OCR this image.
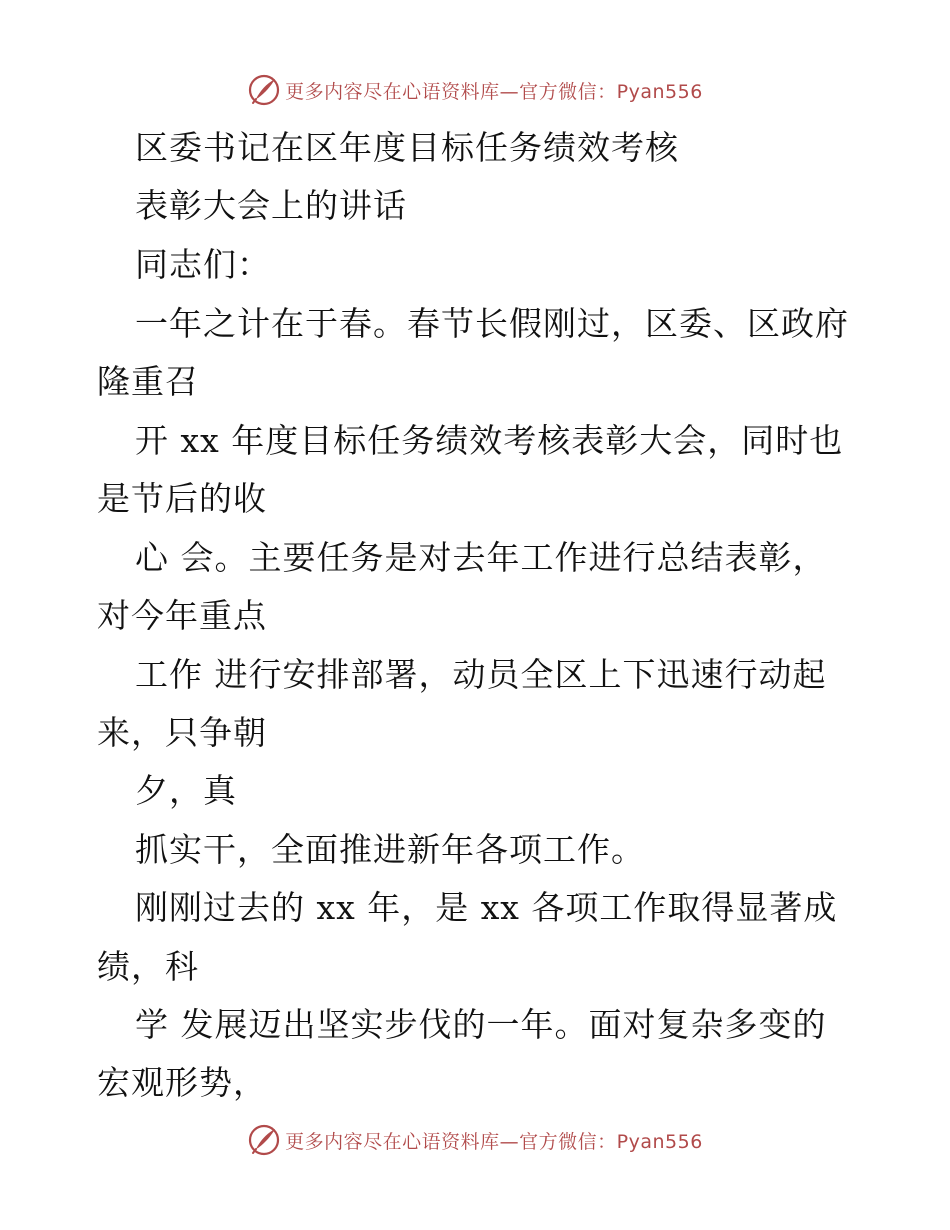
更多内容尽在心语资料库—官方微信：Pyan556
区委书记在区年度目标任务绩效考核
表彰大会上的讲话
同志们：
一年之计在于春。春节长假刚过，区委、区政府
隆重召
开 xx 年度目标任务绩效考核表彰大会，同时也
是节后的收
心 会。主要任务是对去年工作进行总结表彰，
对今年重点
工作 进行安排部署，动员全区上下迅速行动起
来，只争朝
夕，真
抓实干，全面推进新年各项工作。
刚刚过去的 xx 年，是 xx 各项工作取得显著成
绩，科
学 发展迈出坚实步伐的一年。面对复杂多变的
宏观形势，
更多内容尽在心语资料库—官方微信：Pyan556
